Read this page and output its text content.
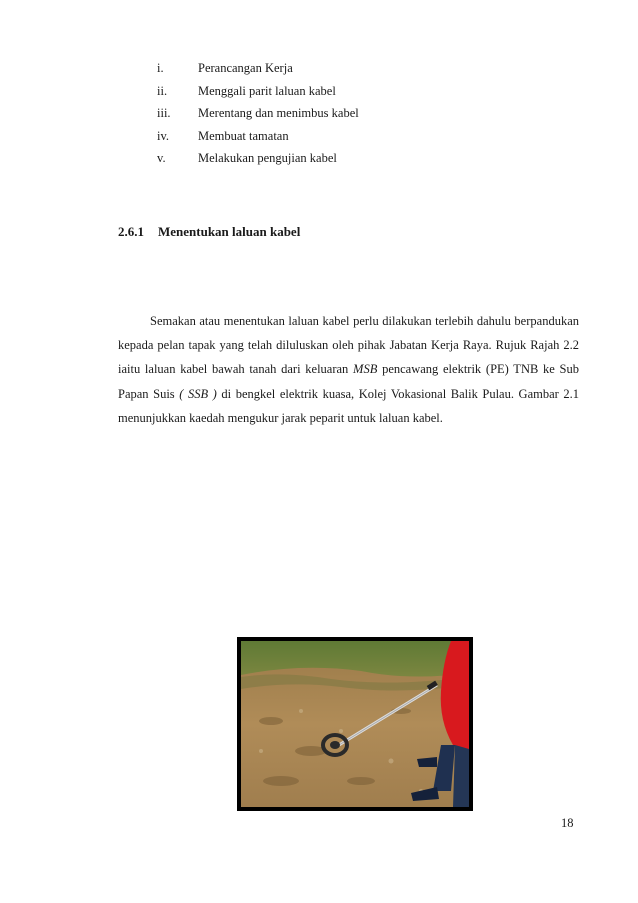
i.	Perancangan Kerja
ii. Menggali parit laluan kabel
iii. Merentang dan menimbus kabel
iv. Membuat tamatan
v.	Melakukan pengujian kabel
2.6.1 Menentukan laluan kabel

Semakan atau menentukan laluan kabel perlu dilakukan terlebih dahulu berpandukan kepada pelan tapak yang telah diluluskan oleh pihak Jabatan Kerja Raya. Rujuk Rajah 2.2 iaitu laluan kabel bawah tanah dari keluaran MSB pencawang elektrik (PE) TNB ke Sub Papan Suis ( SSB ) di bengkel elektrik kuasa, Kolej Vokasional Balik Pulau. Gambar 2.1 menunjukkan kaedah mengukur jarak peparit untuk laluan kabel.

18
